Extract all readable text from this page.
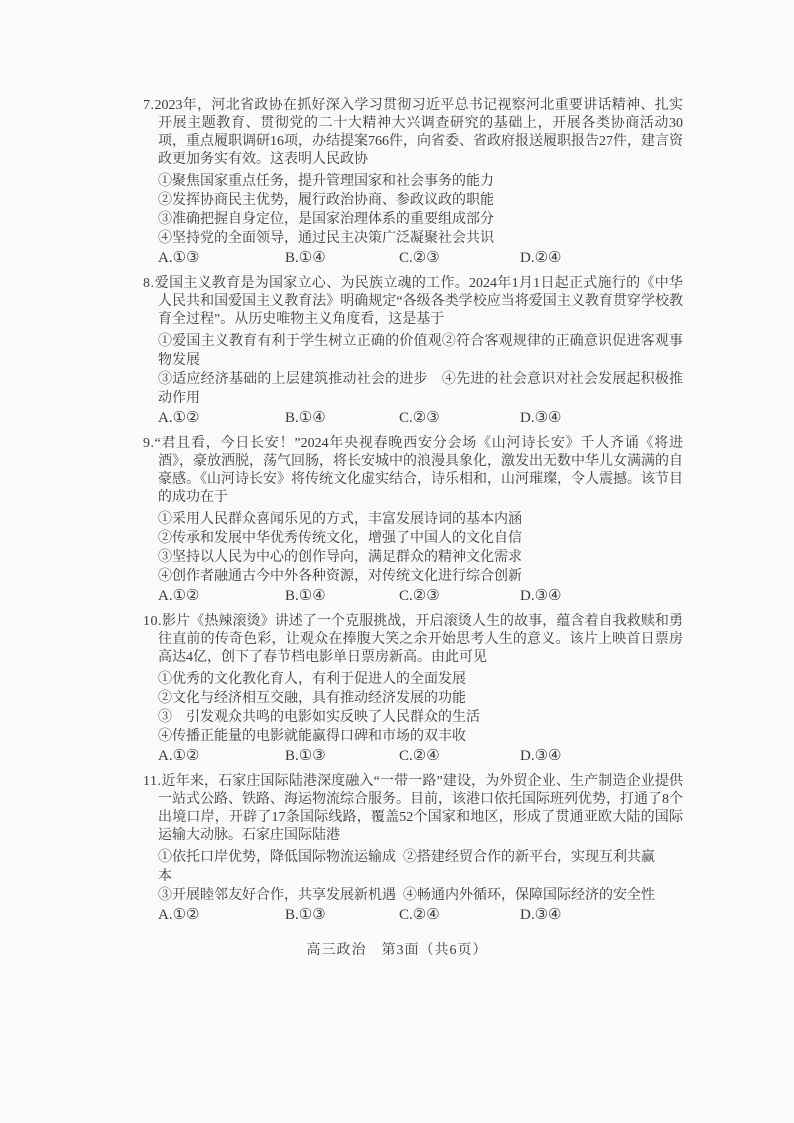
7.2023年，河北省政协在抓好深入学习贯彻习近平总书记视察河北重要讲话精神、扎实开展主题教育、贯彻党的二十大精神大兴调查研究的基础上，开展各类协商活动30项，重点履职调研16项，办结提案766件，向省委、省政府报送履职报告27件，建言资政更加务实有效。这表明人民政协

①聚焦国家重点任务，提升管理国家和社会事务的能力
②发挥协商民主优势，履行政治协商、参政议政的职能
③准确把握自身定位，是国家治理体系的重要组成部分
④坚持党的全面领导，通过民主决策广泛凝聚社会共识
A.①③	B.①④	C.②③	D.②④

8.爱国主义教育是为国家立心、为民族立魂的工作。2024年1月1日起正式施行的《中华人民共和国爱国主义教育法》明确规定“各级各类学校应当将爱国主义教育贯穿学校教育全过程”。从历史唯物主义角度看，这是基于

①爱国主义教育有利于学生树立正确的价值观②符合客观规律的正确意识促进客观事物发展
③适应经济基础的上层建筑推动社会的进步　④先进的社会意识对社会发展起积极推动作用
A.①②	B.①④	C.②③	D.③④

9.“君且看，今日长安！”2024年央视春晚西安分会场《山河诗长安》千人齐诵《将进酒》，豪放洒脱，荡气回肠，将长安城中的浪漫具象化，激发出无数中华儿女满满的自豪感。《山河诗长安》将传统文化虚实结合，诗乐相和，山河璀璨，令人震撼。该节目的成功在于

①采用人民群众喜闻乐见的方式，丰富发展诗词的基本内涵
②传承和发展中华优秀传统文化，增强了中国人的文化自信
③坚持以人民为中心的创作导向，满足群众的精神文化需求
④创作者融通古今中外各种资源，对传统文化进行综合创新
A.①②	B.①④	C.②③	D.③④

10.影片《热辣滚烫》讲述了一个克服挑战，开启滚烫人生的故事，蕴含着自我救赎和勇往直前的传奇色彩，让观众在捧腹大笑之余开始思考人生的意义。该片上映首日票房高达4亿，创下了春节档电影单日票房新高。由此可见

①优秀的文化教化育人，有利于促进人的全面发展
②文化与经济相互交融，具有推动经济发展的功能
③　引发观众共鸣的电影如实反映了人民群众的生活
④传播正能量的电影就能赢得口碑和市场的双丰收
A.①②	B.①③	C.②④	D.③④

11.近年来，石家庄国际陆港深度融入“一带一路”建设，为外贸企业、生产制造企业提供一站式公路、铁路、海运物流综合服务。目前，该港口依托国际班列优势，打通了8个出境口岸，开辟了17条国际线路，覆盖52个国家和地区，形成了贯通亚欧大陆的国际运输大动脉。石家庄国际陆港

①依托口岸优势，降低国际物流运输成本
②搭建经贸合作的新平台，实现互利共赢
③开展睦邻友好合作，共享发展新机遇 ④畅通内外循环，保障国际经济的安全性
A.①②	B.①③	C.②④	D.③④
高三政治　第3面（共6页）
